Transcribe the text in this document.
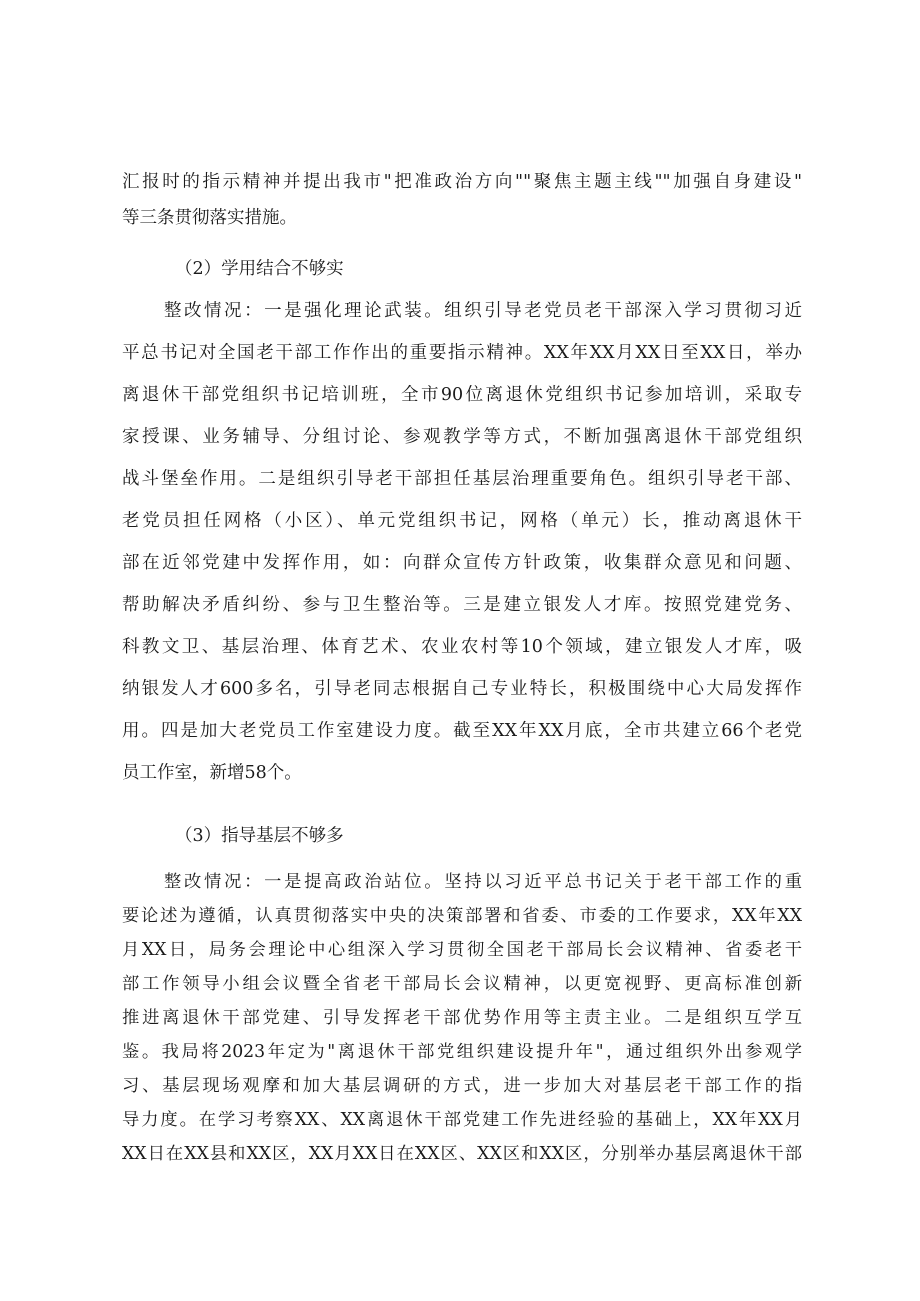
汇报时的指示精神并提出我市"把准政治方向""聚焦主题主线""加强自身建设"

等三条贯彻落实措施。

（2）学用结合不够实

整改情况：一是强化理论武装。组织引导老党员老干部深入学习贯彻习近

平总书记对全国老干部工作作出的重要指示精神。XX年XX月XX日至XX日，举办

离退休干部党组织书记培训班，全市90位离退休党组织书记参加培训，采取专

家授课、业务辅导、分组讨论、参观教学等方式，不断加强离退休干部党组织

战斗堡垒作用。二是组织引导老干部担任基层治理重要角色。组织引导老干部、

老党员担任网格（小区）、单元党组织书记，网格（单元）长，推动离退休干

部在近邻党建中发挥作用，如：向群众宣传方针政策，收集群众意见和问题、

帮助解决矛盾纠纷、参与卫生整治等。三是建立银发人才库。按照党建党务、

科教文卫、基层治理、体育艺术、农业农村等10个领域，建立银发人才库，吸

纳银发人才600多名，引导老同志根据自己专业特长，积极围绕中心大局发挥作

用。四是加大老党员工作室建设力度。截至XX年XX月底，全市共建立66个老党

员工作室，新增58个。

（3）指导基层不够多

整改情况：一是提高政治站位。坚持以习近平总书记关于老干部工作的重

要论述为遵循，认真贯彻落实中央的决策部署和省委、市委的工作要求，XX年XX

月XX日，局务会理论中心组深入学习贯彻全国老干部局长会议精神、省委老干

部工作领导小组会议暨全省老干部局长会议精神，以更宽视野、更高标准创新

推进离退休干部党建、引导发挥老干部优势作用等主责主业。二是组织互学互

鉴。我局将2023年定为"离退休干部党组织建设提升年"，通过组织外出参观学

习、基层现场观摩和加大基层调研的方式，进一步加大对基层老干部工作的指

导力度。在学习考察XX、XX离退休干部党建工作先进经验的基础上，XX年XX月

XX日在XX县和XX区，XX月XX日在XX区、XX区和XX区，分别举办基层离退休干部
